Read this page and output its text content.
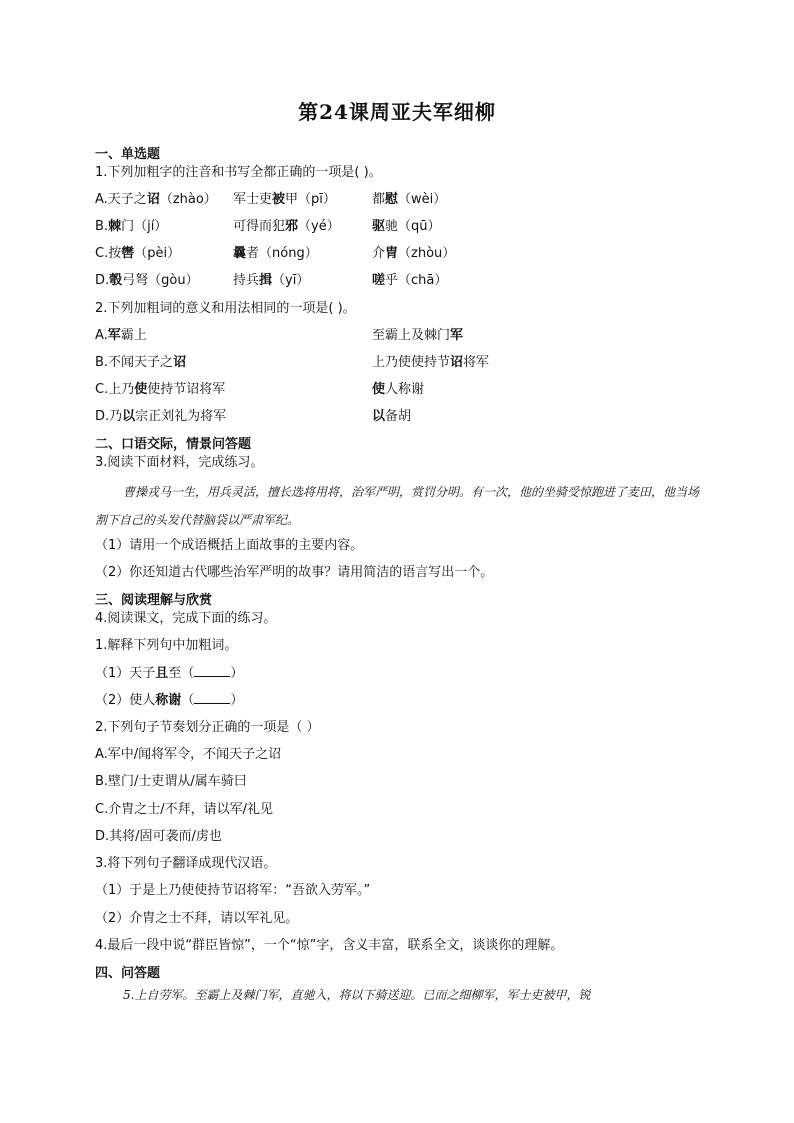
第24课周亚夫军细柳
一、单选题
1.下列加粗字的注音和书写全都正确的一项是( )。
A.天子之诏（zhào） 军士吏被甲（pī）	都慰（wèi）
B.棘门（jí）	可得而犯邪（yé） 驱驰（qū）
C.按辔（pèi）	曩者（nóng）	介胄（zhòu）
D.彀弓弩（gòu）	持兵揖（yī）	嗟乎（chā）
2.下列加粗词的意义和用法相同的一项是( )。
A.军霸上	至霸上及棘门军
B.不闻天子之诏	上乃使使持节诏将军
C.上乃使使持节诏将军	使人称谢
D.乃以宗正刘礼为将军	以备胡
二、口语交际，情景问答题
3.阅读下面材料，完成练习。
曹操戎马一生，用兵灵活，擅长选将用将，治军严明，赏罚分明。有一次，他的坐骑受惊跑进了麦田，他当场割下自己的头发代替脑袋以严肃军纪。
（1）请用一个成语概括上面故事的主要内容。
（2）你还知道古代哪些治军严明的故事？请用简洁的语言写出一个。
三、阅读理解与欣赏
4.阅读课文，完成下面的练习。
1.解释下列句中加粗词。
（1）天子且至（	）
（2）使人称谢（	）
2.下列句子节奏划分正确的一项是（ ）
A.军中/闻将军令，不闻天子之诏
B.壁门/士吏谓从/属车骑曰
C.介胄之士/不拜，请以军/礼见
D.其将/固可袭而/虏也
3.将下列句子翻译成现代汉语。
（1）于是上乃使使持节诏将军：“吾欲入劳军。”
（2）介胄之士不拜，请以军礼见。
4.最后一段中说“群臣皆惊”，一个“惊”字，含义丰富，联系全文，谈谈你的理解。
四、问答题
5.上自劳军。至霸上及棘门军，直驰入，将以下骑送迎。已而之细柳军，军士吏被甲，锐
